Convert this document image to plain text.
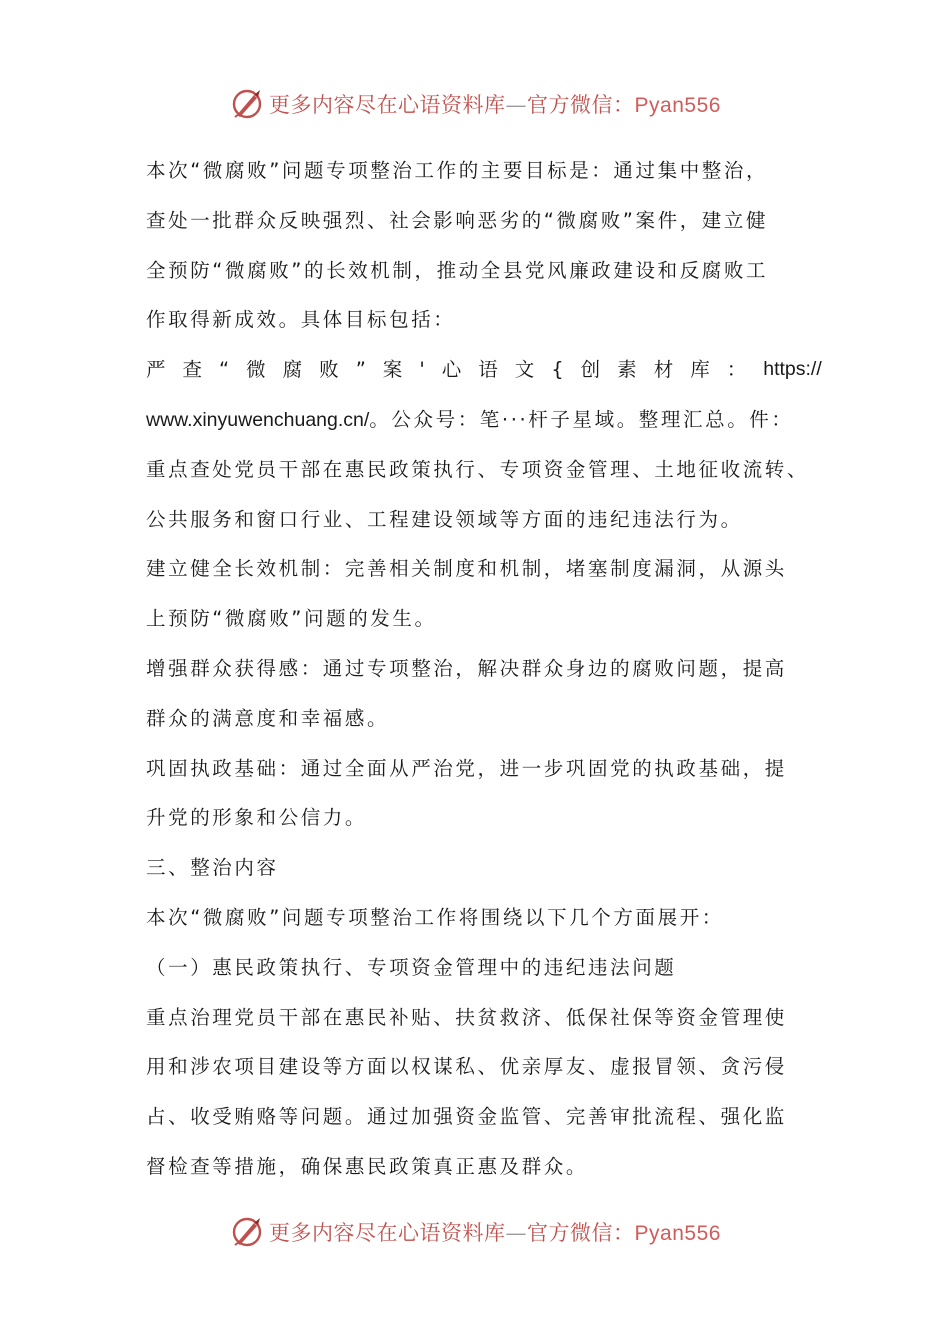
更多内容尽在心语资料库—官方微信：Pyan556
本次“微腐败”问题专项整治工作的主要目标是：通过集中整治，
查处一批群众反映强烈、社会影响恶劣的“微腐败”案件，建立健
全预防“微腐败”的长效机制，推动全县党风廉政建设和反腐败工
作取得新成效。具体目标包括：
严 查 “ 微 腐 败 ” 案 ' 心 语 文 { 创 素 材 库 ： https://
www.xinyuwenchuang.cn/。公众号：笔···杆子星域。整理汇总。件：
重点查处党员干部在惠民政策执行、专项资金管理、土地征收流转、
公共服务和窗口行业、工程建设领域等方面的违纪违法行为。
建立健全长效机制：完善相关制度和机制，堵塞制度漏洞，从源头
上预防“微腐败”问题的发生。
增强群众获得感：通过专项整治，解决群众身边的腐败问题，提高
群众的满意度和幸福感。
巩固执政基础：通过全面从严治党，进一步巩固党的执政基础，提
升党的形象和公信力。
三、整治内容
本次“微腐败”问题专项整治工作将围绕以下几个方面展开：
（一）惠民政策执行、专项资金管理中的违纪违法问题
重点治理党员干部在惠民补贴、扶贫救济、低保社保等资金管理使
用和涉农项目建设等方面以权谋私、优亲厚友、虚报冒领、贪污侵
占、收受贿赂等问题。通过加强资金监管、完善审批流程、强化监
督检查等措施，确保惠民政策真正惠及群众。
更多内容尽在心语资料库—官方微信：Pyan556
